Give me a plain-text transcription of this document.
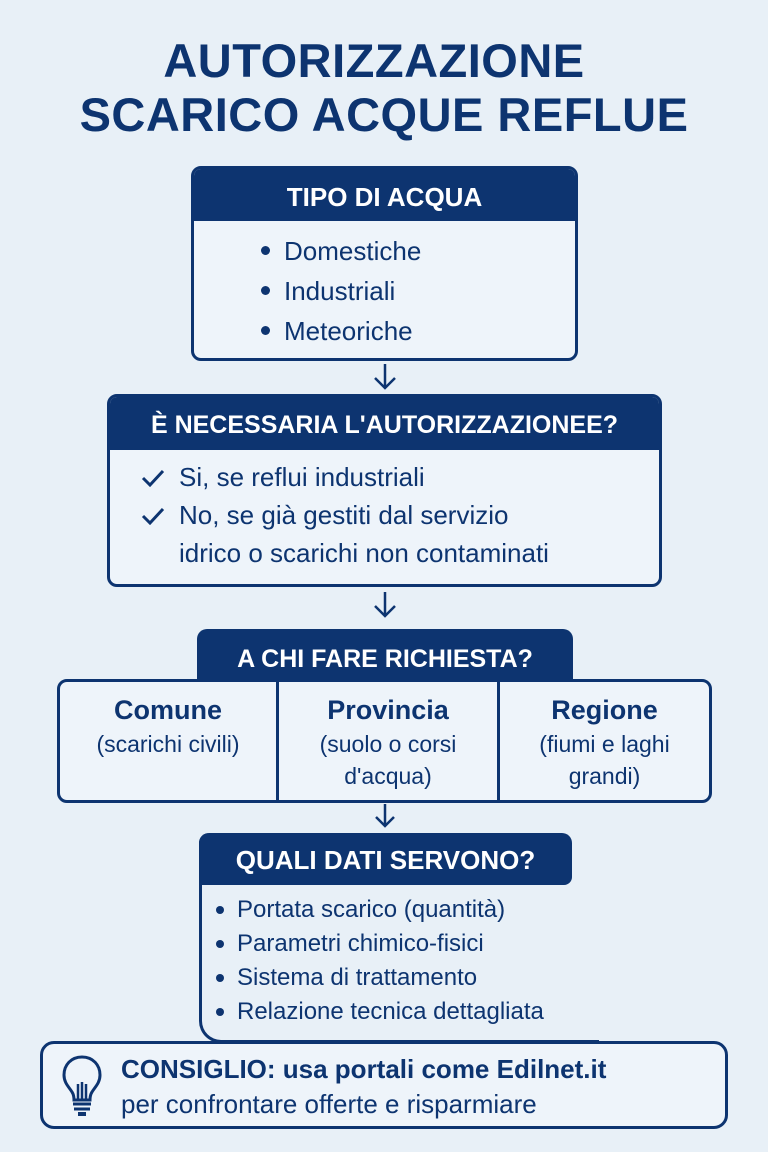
AUTORIZZAZIONE
SCARICO ACQUE REFLUE
TIPO DI ACQUA
Domestiche
Industriali
Meteoriche
È NECESSARIA L'AUTORIZZAZIONEE?
Si, se reflui industriali
No, se già gestiti dal servizio
idrico o scarichi non contaminati
A CHI FARE RICHIESTA?
Comune
(scarichi civili)
Provincia
(suolo o corsi d'acqua)
Regione
(fiumi e laghi grandi)
QUALI DATI SERVONO?
Portata scarico (quantità)
Parametri chimico-fisici
Sistema di trattamento
Relazione tecnica dettagliata
CONSIGLIO: usa portali come Edilnet.it
per confrontare offerte e risparmiare
